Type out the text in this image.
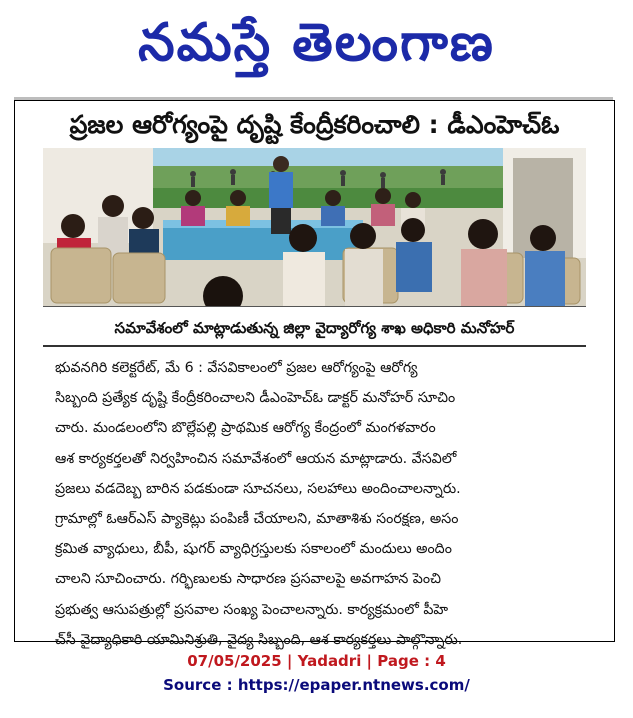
నమస్తే తెలంగాణ
ప్రజల ఆరోగ్యంపై దృష్టి కేంద్రీకరించాలి : డీఎంహెచ్ఓ
సమావేశంలో మాట్లాడుతున్న జిల్లా వైద్యారోగ్య శాఖ అధికారి మనోహర్

భువనగిరి కలెక్టరేట్, మే 6 : వేసవికాలంలో ప్రజల ఆరోగ్యంపై ఆరోగ్య

సిబ్బంది ప్రత్యేక దృష్టి కేంద్రీకరించాలని డీఎంహెచ్ఓ డాక్టర్ మనోహర్ సూచిం

చారు. మండలంలోని బొల్లేపల్లి ప్రాథమిక ఆరోగ్య కేంద్రంలో మంగళవారం

ఆశ కార్యకర్తలతో నిర్వహించిన సమావేశంలో ఆయన మాట్లాడారు. వేసవిలో

ప్రజలు వడదెబ్బ బారిన పడకుండా సూచనలు, సలహాలు అందించాలన్నారు.

గ్రామాల్లో ఓఆర్ఎస్ ప్యాకెట్లు పంపిణీ చేయాలని, మాతాశిశు సంరక్షణ, అసం

క్రమిత వ్యాధులు, బీపీ, షుగర్ వ్యాధిగ్రస్తులకు సకాలంలో మందులు అందిం

చాలని సూచించారు. గర్భిణులకు సాధారణ ప్రసవాలపై అవగాహన పెంచి

ప్రభుత్వ ఆసుపత్రుల్లో ప్రసవాల సంఖ్య పెంచాలన్నారు. కార్యక్రమంలో పీహె

చ్‌సీ వైద్యాధికారి యామినిశ్రుతి, వైద్య సిబ్బంది, ఆశ కార్యకర్తలు పాల్గొన్నారు.

07/05/2025 | Yadadri | Page : 4
Source : https://epaper.ntnews.com/
